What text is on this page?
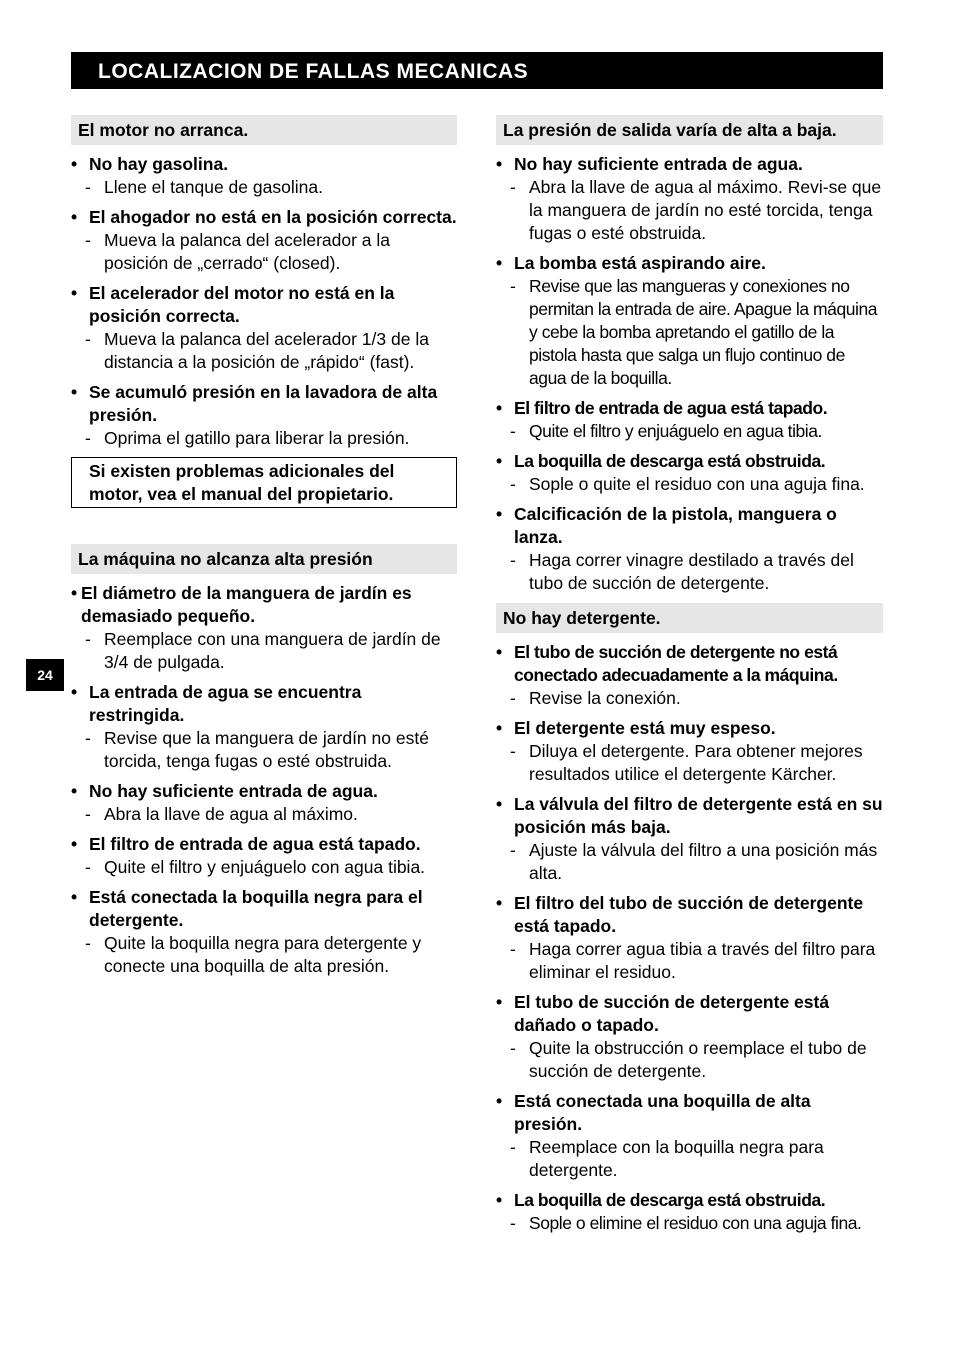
LOCALIZACION DE FALLAS MECANICAS
24
El motor no arranca.
• No hay gasolina.
- Llene el tanque de gasolina.
• El ahogador no está en la posición correcta.
- Mueva la palanca del acelerador a la posición de „cerrado“ (closed).
• El acelerador del motor no está en la posición correcta.
- Mueva la palanca del acelerador 1/3 de la distancia a la posición de „rápido“ (fast).
• Se acumuló presión en la lavadora de alta presión.
- Oprima el gatillo para liberar la presión.
Si existen problemas adicionales del motor, vea el manual del propietario.
La máquina no alcanza alta presión
• El diámetro de la manguera de jardín es demasiado pequeño.
- Reemplace con una manguera de jardín de 3/4 de pulgada.
• La entrada de agua se encuentra restringida.
- Revise que la manguera de jardín no esté torcida, tenga fugas o esté obstruida.
• No hay suficiente entrada de agua.
- Abra la llave de agua al máximo.
• El filtro de entrada de agua está tapado.
- Quite el filtro y enjuáguelo con agua tibia.
• Está conectada la boquilla negra para el detergente.
- Quite la boquilla negra para detergente y conecte una boquilla de alta presión.
La presión de salida varía de alta a baja.
• No hay suficiente entrada de agua.
- Abra la llave de agua al máximo. Revi-se que la manguera de jardín no esté torcida, tenga fugas o esté obstruida.
• La bomba está aspirando aire.
- Revise que las mangueras y conexiones no permitan la entrada de aire. Apague la máquina y cebe la bomba apretando el gatillo de la pistola hasta que salga un flujo continuo de agua de la boquilla.
• El filtro de entrada de agua está tapado.
- Quite el filtro y enjuáguelo en agua tibia.
• La boquilla de descarga está obstruida.
- Sople o quite el residuo con una aguja fina.
• Calcificación de la pistola, manguera o lanza.
- Haga correr vinagre destilado a través del tubo de succión de detergente.
No hay detergente.
• El tubo de succión de detergente no está conectado adecuadamente a la máquina.
- Revise la conexión.
• El detergente está muy espeso.
- Diluya el detergente. Para obtener mejores resultados utilice el detergente Kärcher.
• La válvula del filtro de detergente está en su posición más baja.
- Ajuste la válvula del filtro a una posición más alta.
• El filtro del tubo de succión de detergente está tapado.
- Haga correr agua tibia a través del filtro para eliminar el residuo.
• El tubo de succión de detergente está dañado o tapado.
- Quite la obstrucción o reemplace el tubo de succión de detergente.
• Está conectada una boquilla de alta presión.
- Reemplace con la boquilla negra para detergente.
• La boquilla de descarga está obstruida.
- Sople o elimine el residuo con una aguja fina.
